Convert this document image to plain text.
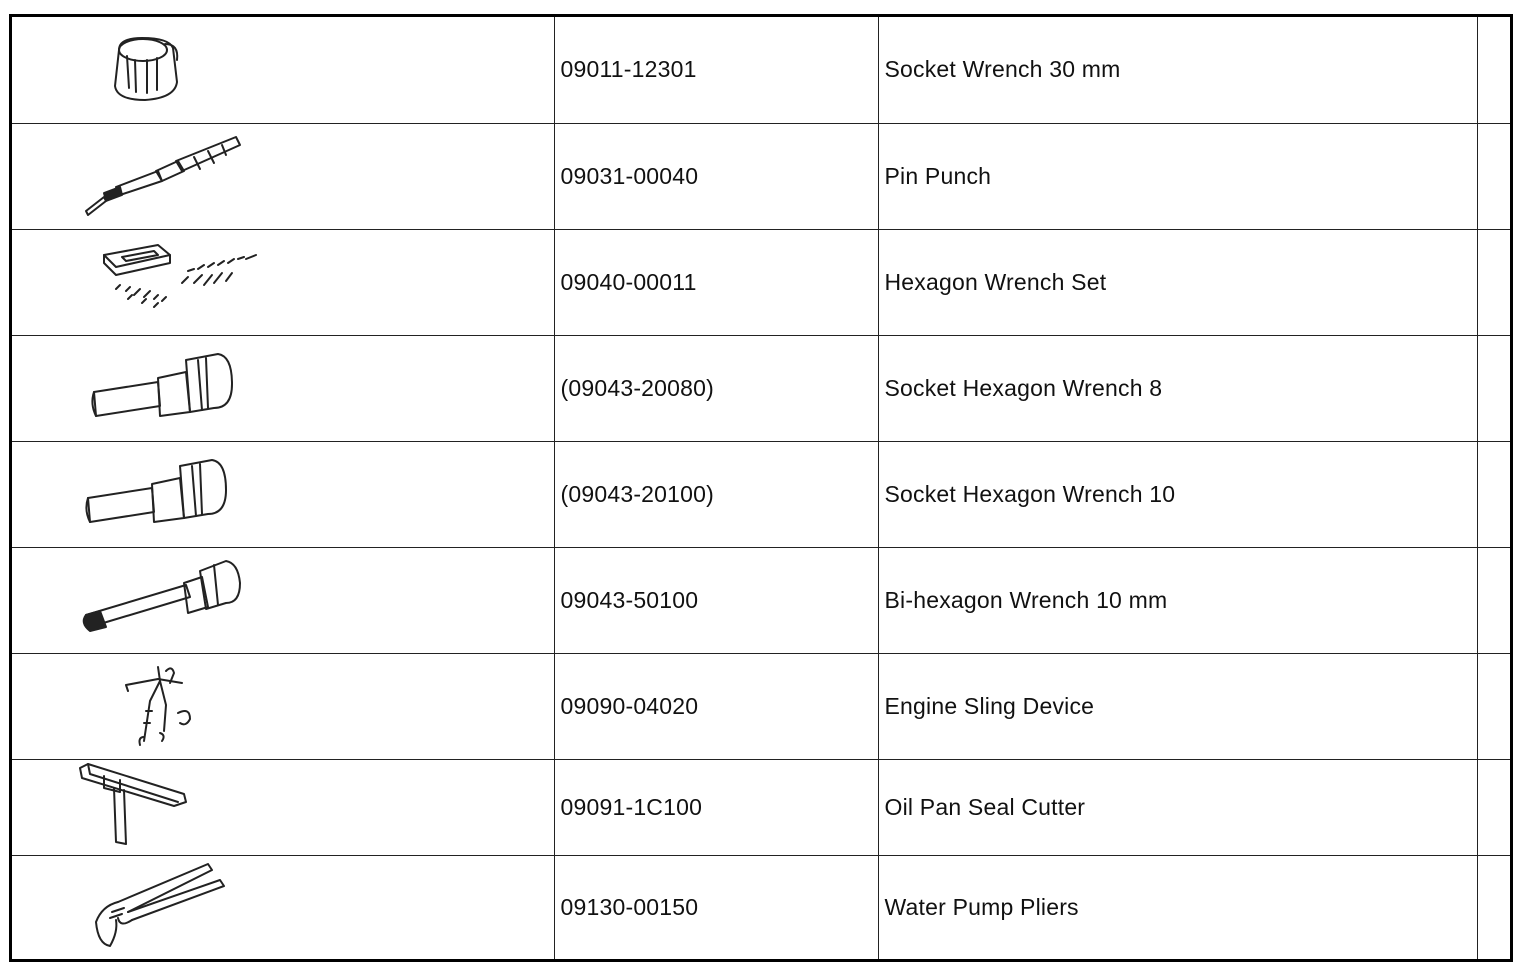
	09011-12301	Socket Wrench 30 mm	

	09031-00040	Pin Punch	

	09040-00011	Hexagon Wrench Set	

	(09043-20080)	Socket Hexagon Wrench 8	

	(09043-20100)	Socket Hexagon Wrench 10	

	09043-50100	Bi-hexagon Wrench 10 mm	

	09090-04020	Engine Sling Device	

	09091-1C100	Oil Pan Seal Cutter	

	09130-00150	Water Pump Pliers	
